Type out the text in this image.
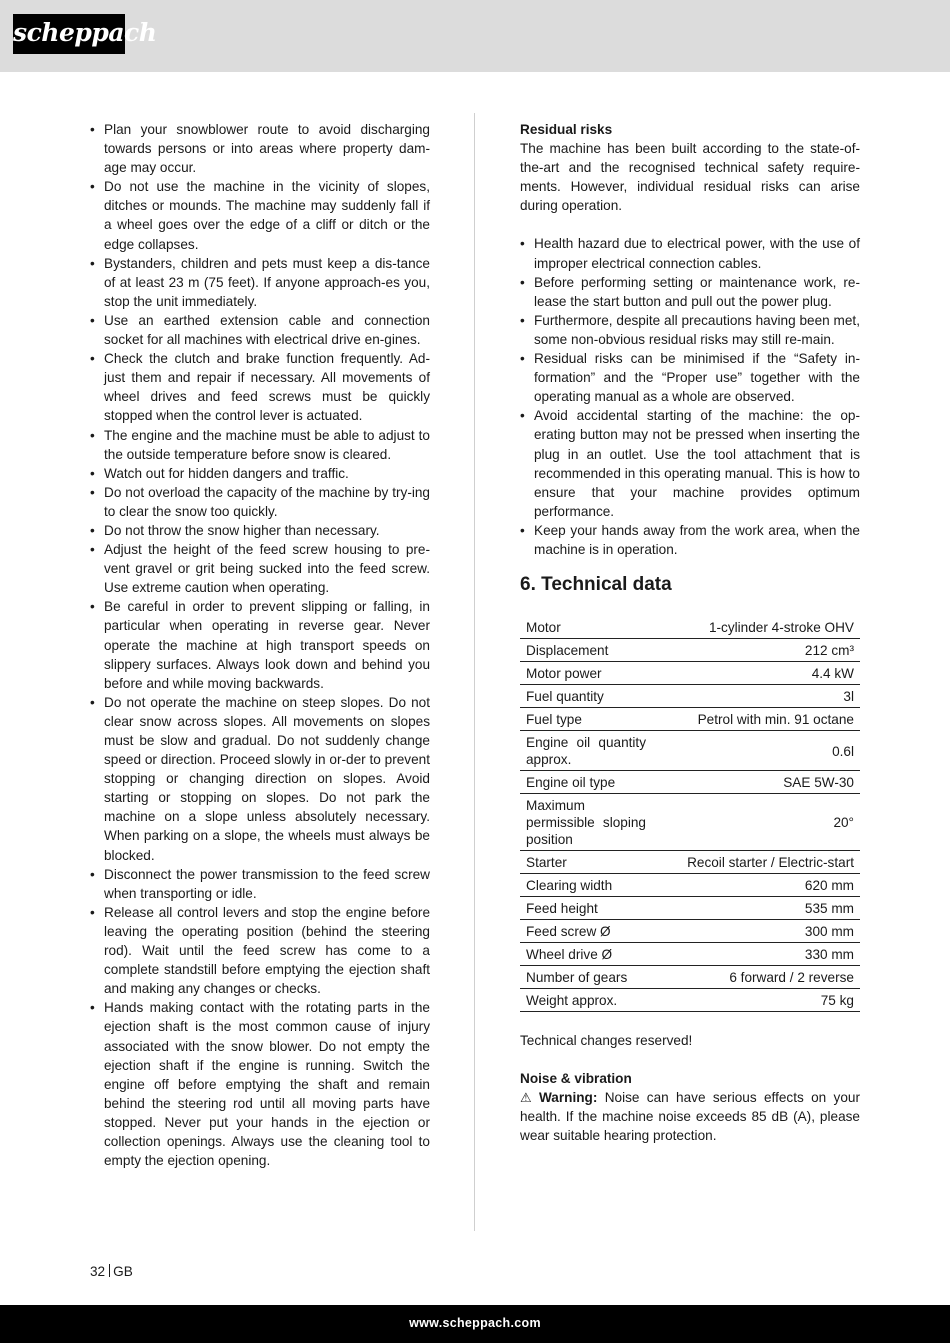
scheppach
• Plan your snowblower route to avoid discharging towards persons or into areas where property dam-age may occur.
• Do not use the machine in the vicinity of slopes, ditches or mounds. The machine may suddenly fall if a wheel goes over the edge of a cliff or ditch or the edge collapses.
• Bystanders, children and pets must keep a dis-tance of at least 23 m (75 feet). If anyone approach-es you, stop the unit immediately.
• Use an earthed extension cable and connection socket for all machines with electrical drive en-gines.
• Check the clutch and brake function frequently. Ad-just them and repair if necessary. All movements of wheel drives and feed screws must be quickly stopped when the control lever is actuated.
• The engine and the machine must be able to adjust to the outside temperature before snow is cleared.
• Watch out for hidden dangers and traffic.
• Do not overload the capacity of the machine by try-ing to clear the snow too quickly.
• Do not throw the snow higher than necessary.
• Adjust the height of the feed screw housing to pre-vent gravel or grit being sucked into the feed screw. Use extreme caution when operating.
• Be careful in order to prevent slipping or falling, in particular when operating in reverse gear. Never operate the machine at high transport speeds on slippery surfaces. Always look down and behind you before and while moving backwards.
• Do not operate the machine on steep slopes. Do not clear snow across slopes. All movements on slopes must be slow and gradual. Do not suddenly change speed or direction. Proceed slowly in or-der to prevent stopping or changing direction on slopes. Avoid starting or stopping on slopes. Do not park the machine on a slope unless absolutely necessary. When parking on a slope, the wheels must always be blocked.
• Disconnect the power transmission to the feed screw when transporting or idle.
• Release all control levers and stop the engine before leaving the operating position (behind the steering rod). Wait until the feed screw has come to a complete standstill before emptying the ejection shaft and making any changes or checks.
• Hands making contact with the rotating parts in the ejection shaft is the most common cause of injury associated with the snow blower. Do not empty the ejection shaft if the engine is running. Switch the engine off before emptying the shaft and remain behind the steering rod until all moving parts have stopped. Never put your hands in the ejection or collection openings. Always use the cleaning tool to empty the ejection opening.

Residual risks

The machine has been built according to the state-of-the-art and the recognised technical safety require-ments. However, individual residual risks can arise during operation.

• Health hazard due to electrical power, with the use of improper electrical connection cables.
• Before performing setting or maintenance work, re-lease the start button and pull out the power plug.
• Furthermore, despite all precautions having been met, some non-obvious residual risks may still re-main.
• Residual risks can be minimised if the “Safety in-formation” and the “Proper use” together with the operating manual as a whole are observed.
• Avoid accidental starting of the machine: the op-erating button may not be pressed when inserting the plug in an outlet. Use the tool attachment that is recommended in this operating manual. This is how to ensure that your machine provides optimum performance.
• Keep your hands away from the work area, when the machine is in operation.
6. Technical data
Motor	1-cylinder 4-stroke OHV
Displacement	212 cm³
Motor power	4.4 kW
Fuel quantity	3l
Fuel type	Petrol with min. 91 octane
Engine oil quantity approx.	0.6l
Engine oil type	SAE 5W-30
Maximum permissible sloping position	20°
Starter	Recoil starter / Electric-start
Clearing width	620 mm
Feed height	535 mm
Feed screw Ø	300 mm
Wheel drive Ø	330 mm
Number of gears	6 forward / 2 reverse
Weight approx.	75 kg

Technical changes reserved!

Noise & vibration

⚠ Warning: Noise can have serious effects on your health. If the machine noise exceeds 85 dB (A), please wear suitable hearing protection.

32 GB
www.scheppach.com
